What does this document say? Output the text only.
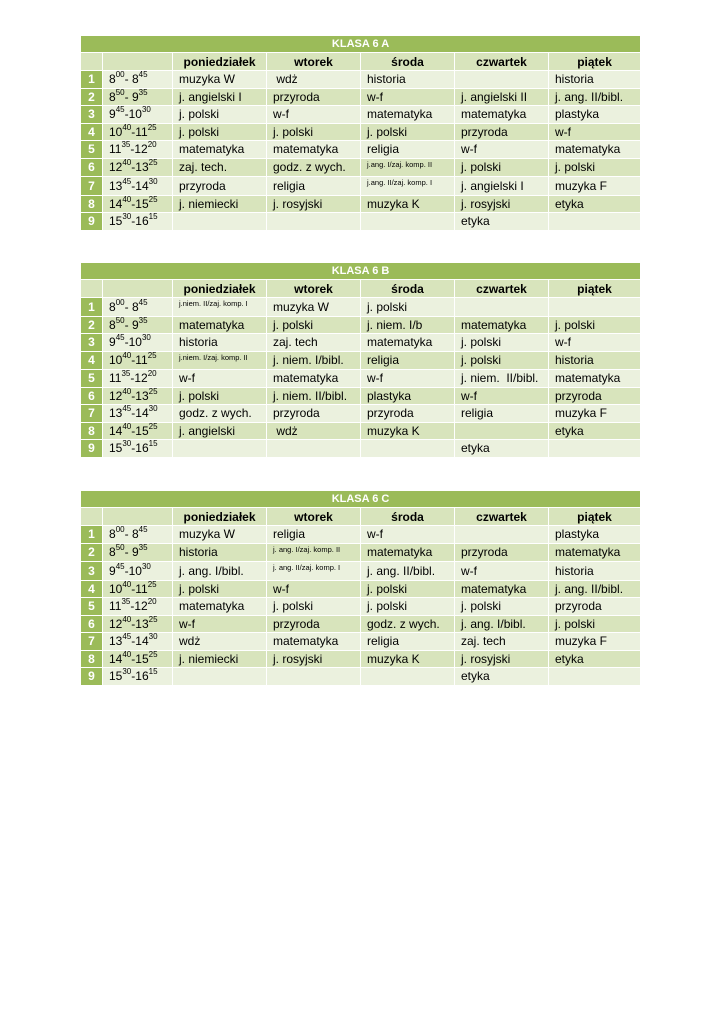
KLASA 6 A						
		poniedziałek	wtorek	środa	czwartek	piątek
1	$8^{00}-$ $8^{45}$	muzyka W	wdż	historia		historia
2	$8^{50}-$ $9^{35}$	j. angielski I	przyroda	w-f	j. angielski II	j. ang. II/bibl.
3	$9^{45}-10^{30}$	j. polski	w-f	matematyka	matematyka	plastyka
4	$10^{40}-11^{25}$	j. polski	j. polski	j. polski	przyroda	w-f
5	$11^{35}-12^{20}$	matematyka	matematyka	religia	w-f	matematyka
6	$12^{40}-13^{25}$	zaj. tech.	godz. z wych.	j.ang. I/zaj. komp. II	j. polski	j. polski
7	$13^{45}-14^{30}$	przyroda	religia	j.ang. II/zaj. komp. I	j. angielski I	muzyka F
8	$14^{40}-15^{25}$	j. niemiecki	j. rosyjski	muzyka K	j. rosyjski	etyka
9	$15^{30}-16^{15}$				etyka	
KLASA 6 B						
		poniedziałek	wtorek	środa	czwartek	piątek
1	$8^{00}-$ $8^{45}$	j.niem. II/zaj. komp. I	muzyka W	j. polski		
2	$8^{50}-$ $9^{35}$	matematyka	j. polski	j. niem. I/b	matematyka	j. polski
3	$9^{45}-10^{30}$	historia	zaj. tech	matematyka	j. polski	w-f
4	$10^{40}-11^{25}$	j.niem. I/zaj. komp. II	j. niem. I/bibl.	religia	j. polski	historia
5	$11^{35}-12^{20}$	w-f	matematyka	w-f	j. niem.  II/bibl.	matematyka
6	$12^{40}-13^{25}$	j. polski	j. niem. II/bibl.	plastyka	w-f	przyroda
7	$13^{45}-14^{30}$	godz. z wych.	przyroda	przyroda	religia	muzyka F
8	$14^{40}-15^{25}$	j. angielski	wdż	muzyka K		etyka
9	$15^{30}-16^{15}$				etyka	
KLASA 6 C						
		poniedziałek	wtorek	środa	czwartek	piątek
1	$8^{00}-$ $8^{45}$	muzyka W	religia	w-f		plastyka
2	$8^{50}-$ $9^{35}$	historia	j. ang. I/zaj. komp. II	matematyka	przyroda	matematyka
3	$9^{45}-10^{30}$	j. ang. I/bibl.	j. ang. II/zaj. komp. I	j. ang. II/bibl.	w-f	historia
4	$10^{40}-11^{25}$	j. polski	w-f	j. polski	matematyka	j. ang. II/bibl.
5	$11^{35}-12^{20}$	matematyka	j. polski	j. polski	j. polski	przyroda
6	$12^{40}-13^{25}$	w-f	przyroda	godz. z wych.	j. ang. I/bibl.	j. polski
7	$13^{45}-14^{30}$	wdż	matematyka	religia	zaj. tech	muzyka F
8	$14^{40}-15^{25}$	j. niemiecki	j. rosyjski	muzyka K	j. rosyjski	etyka
9	$15^{30}-16^{15}$				etyka	
